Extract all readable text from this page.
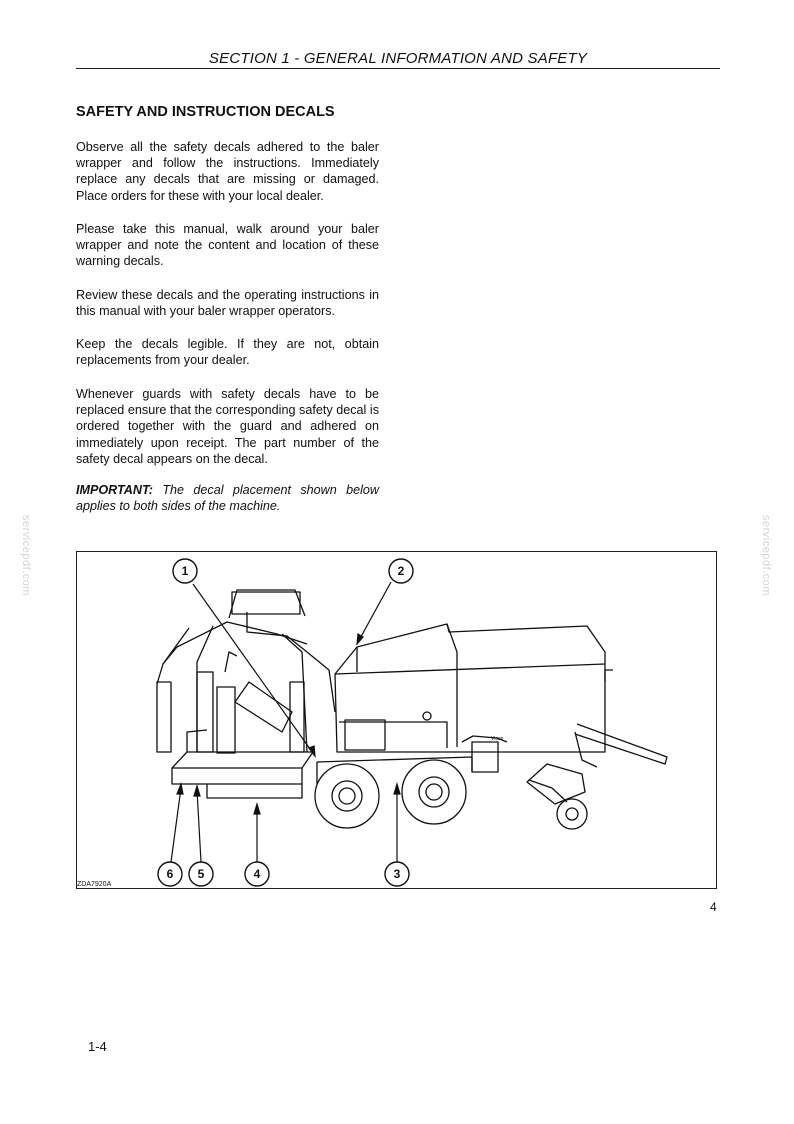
SECTION 1 - GENERAL INFORMATION AND SAFETY
SAFETY AND INSTRUCTION DECALS

Observe all the safety decals adhered to the baler wrapper and follow the instructions. Immediately replace any decals that are missing or damaged. Place orders for these with your local dealer.

Please take this manual, walk around your baler wrapper and note the content and location of these warning decals.

Review these decals and the operating instructions in this manual with your baler wrapper operators.

Keep the decals legible. If they are not, obtain replacements from your dealer.

Whenever guards with safety decals have to be replaced ensure that the corresponding safety decal is ordered together with the guard and adhered on immediately upon receipt. The part number of the safety decal appears on the decal.

IMPORTANT: The decal placement shown below applies to both sides of the machine.

servicepdf.com	servicepdf.com
Vicon
1	2
3
4
5
6
ZDA7920A
4
1-4
